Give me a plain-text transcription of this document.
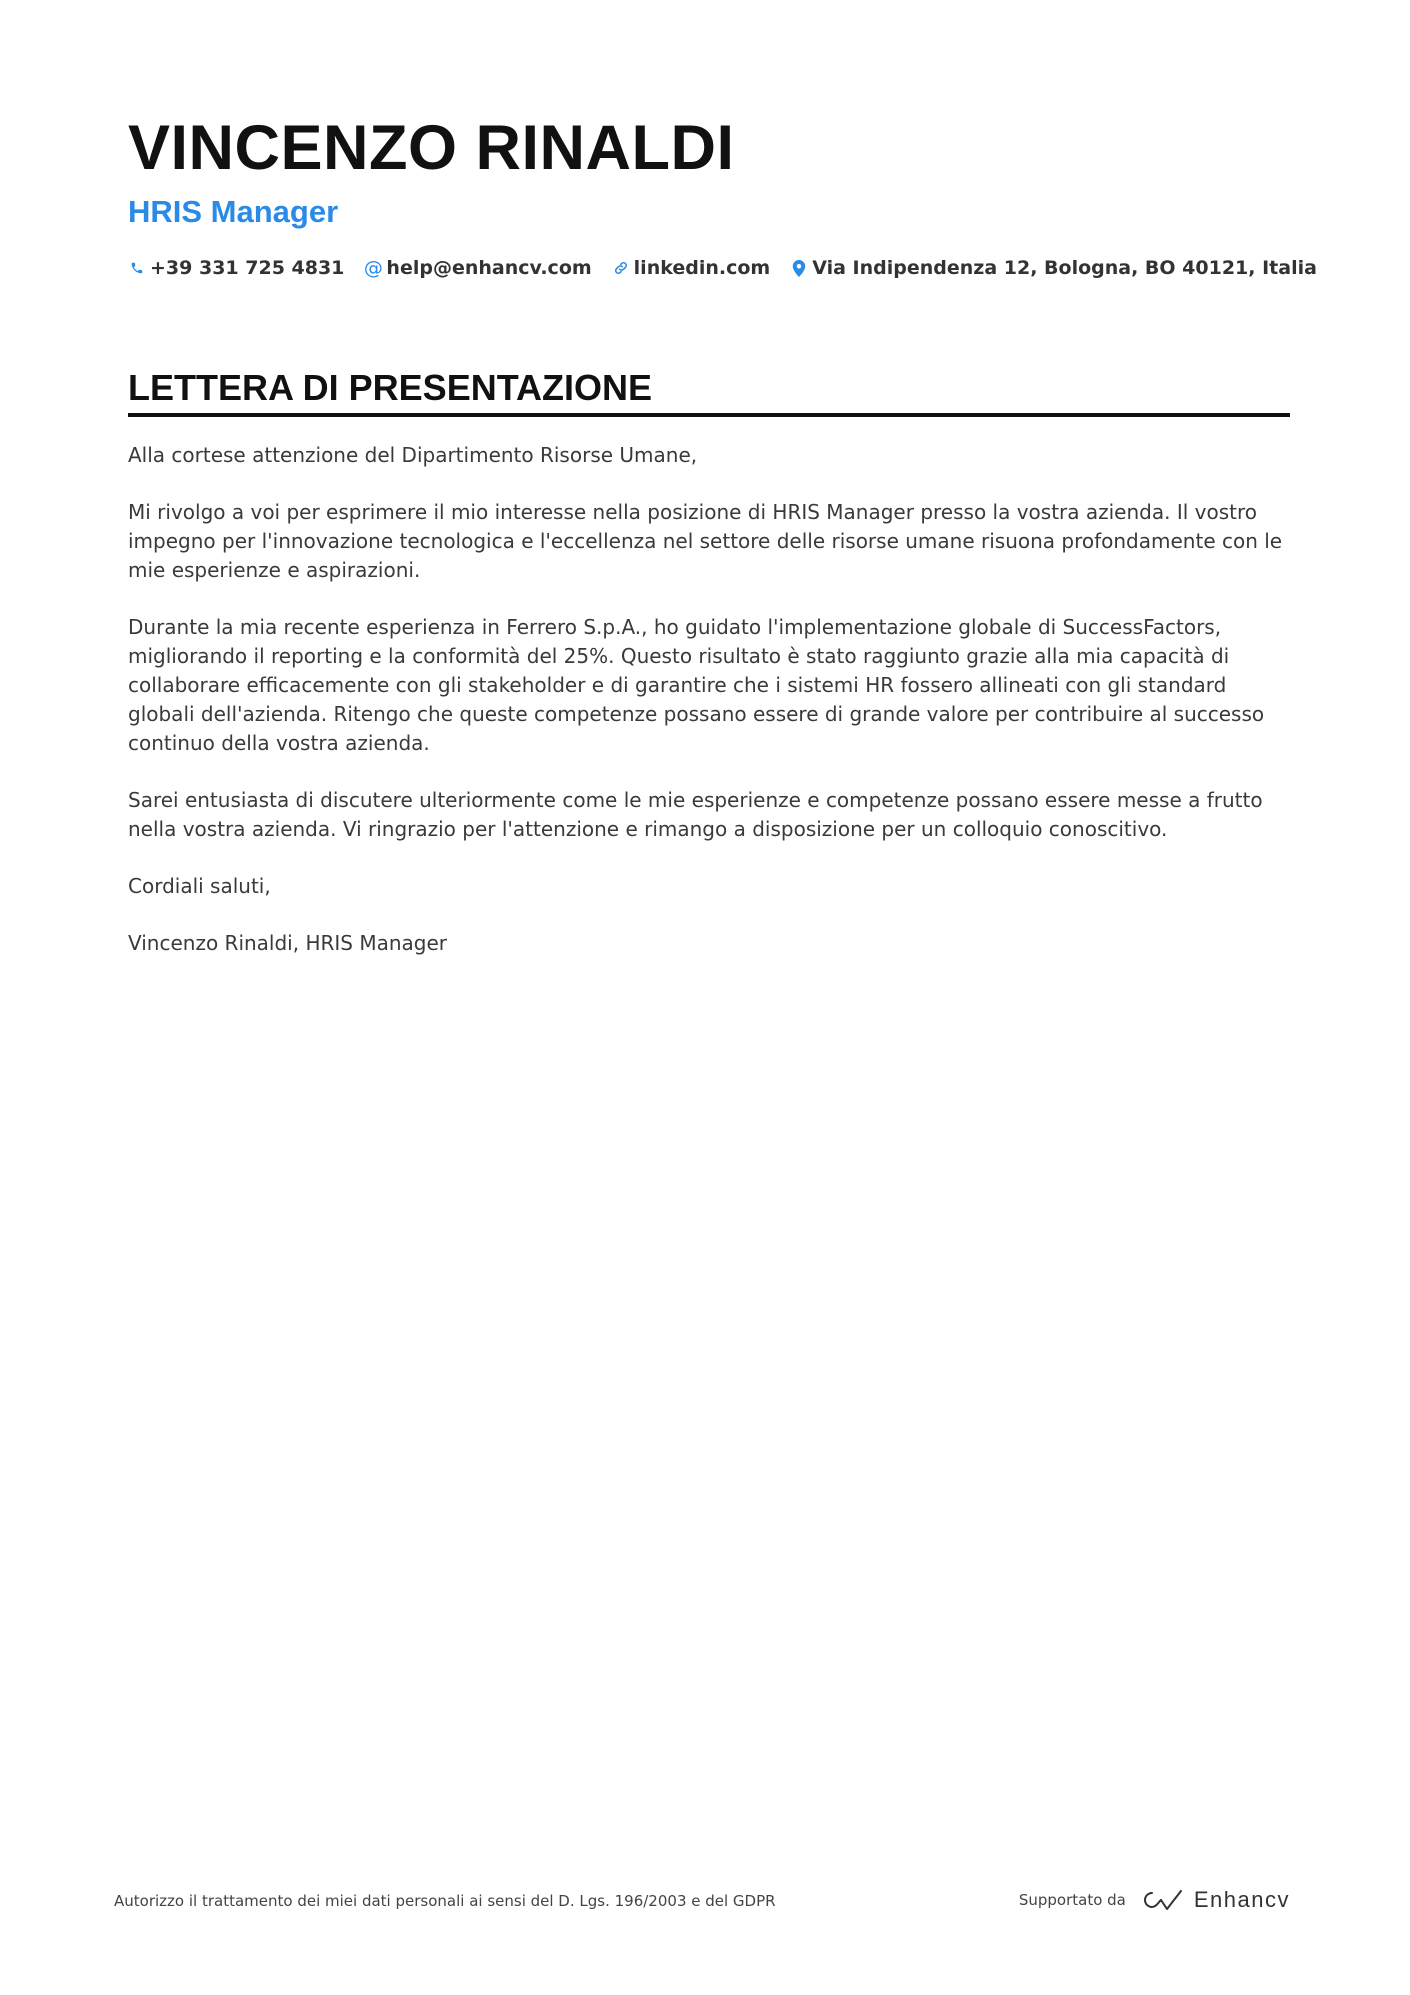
VINCENZO RINALDI
HRIS Manager
+39 331 725 4831 @ help@enhancv.com linkedin.com Via Indipendenza 12, Bologna, BO 40121, Italia
LETTERA DI PRESENTAZIONE

Alla cortese attenzione del Dipartimento Risorse Umane,

Mi rivolgo a voi per esprimere il mio interesse nella posizione di HRIS Manager presso la vostra azienda. Il vostro impegno per l'innovazione tecnologica e l'eccellenza nel settore delle risorse umane risuona profondamente con le mie esperienze e aspirazioni.

Durante la mia recente esperienza in Ferrero S.p.A., ho guidato l'implementazione globale di SuccessFactors, migliorando il reporting e la conformità del 25%. Questo risultato è stato raggiunto grazie alla mia capacità di collaborare efficacemente con gli stakeholder e di garantire che i sistemi HR fossero allineati con gli standard globali dell'azienda. Ritengo che queste competenze possano essere di grande valore per contribuire al successo continuo della vostra azienda.

Sarei entusiasta di discutere ulteriormente come le mie esperienze e competenze possano essere messe a frutto nella vostra azienda. Vi ringrazio per l'attenzione e rimango a disposizione per un colloquio conoscitivo.

Cordiali saluti,

Vincenzo Rinaldi, HRIS Manager

Autorizzo il trattamento dei miei dati personali ai sensi del D. Lgs. 196/2003 e del GDPR	Supportato da	Enhancv
